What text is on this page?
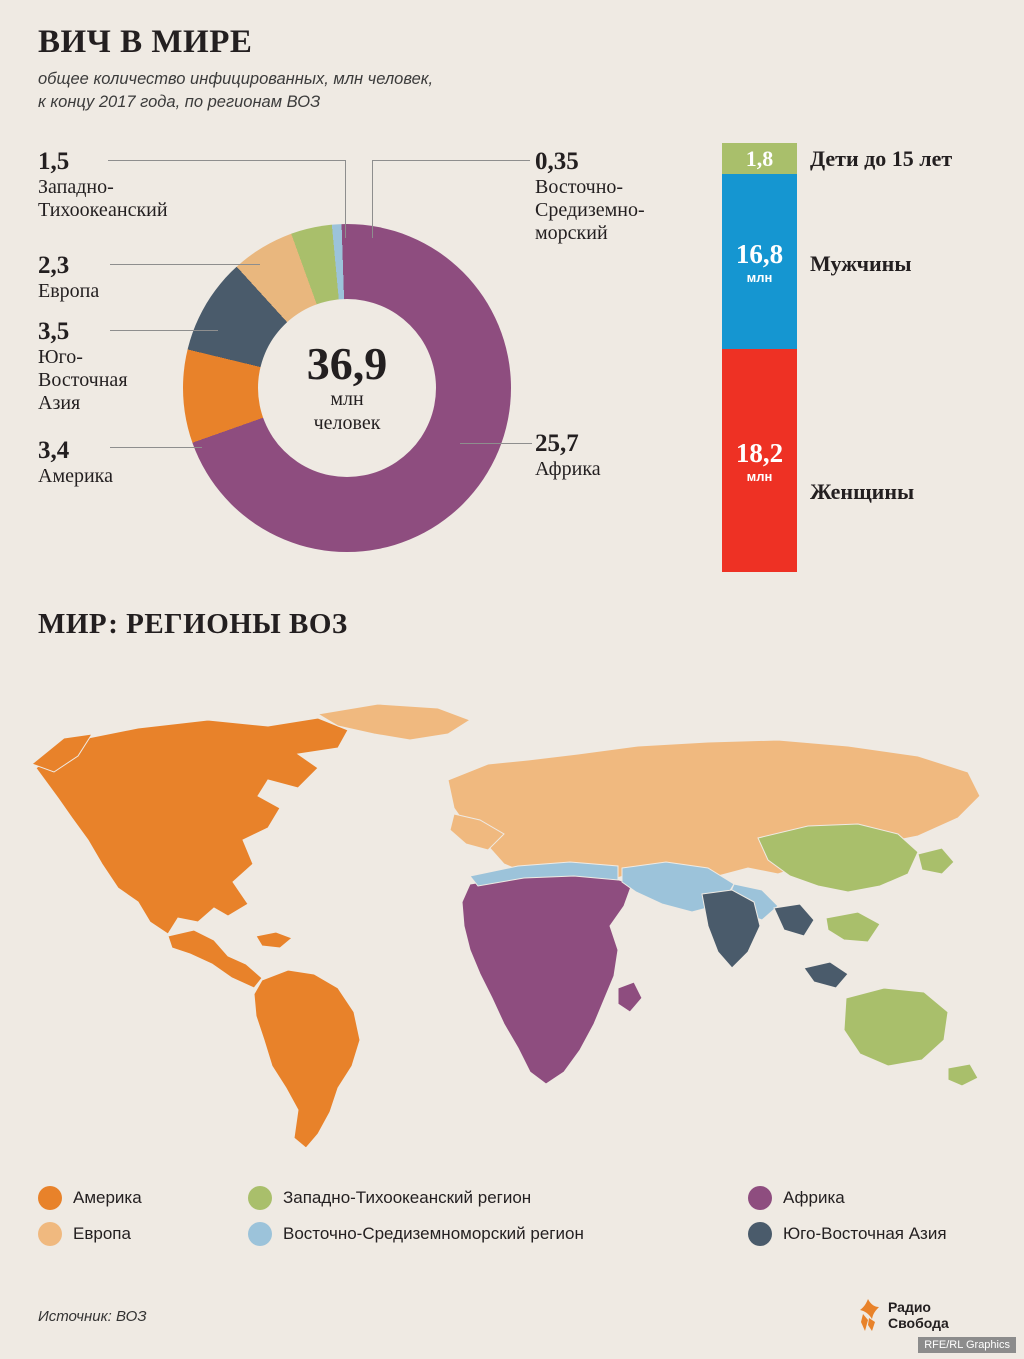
ВИЧ В МИРЕ
общее количество инфицированных, млн человек,
к концу 2017 года, по регионам ВОЗ
36,9
млн
человек
1,5
Западно-
Тихоокеанский
2,3
Европа
3,5
Юго-
Восточная
Азия
3,4
Америка
25,7
Африка
0,35
Восточно-
Средиземно-
морский
1,8
16,8
млн
18,2
млн
Дети до 15 лет
Мужчины
Женщины
МИР: РЕГИОНЫ ВОЗ
Америка	Западно-Тихоокеанский регион	Африка
Европа	Восточно-Средиземноморский регион	Юго-Восточная Азия
Источник: ВОЗ
Радио
Свобода
RFE/RL Graphics
